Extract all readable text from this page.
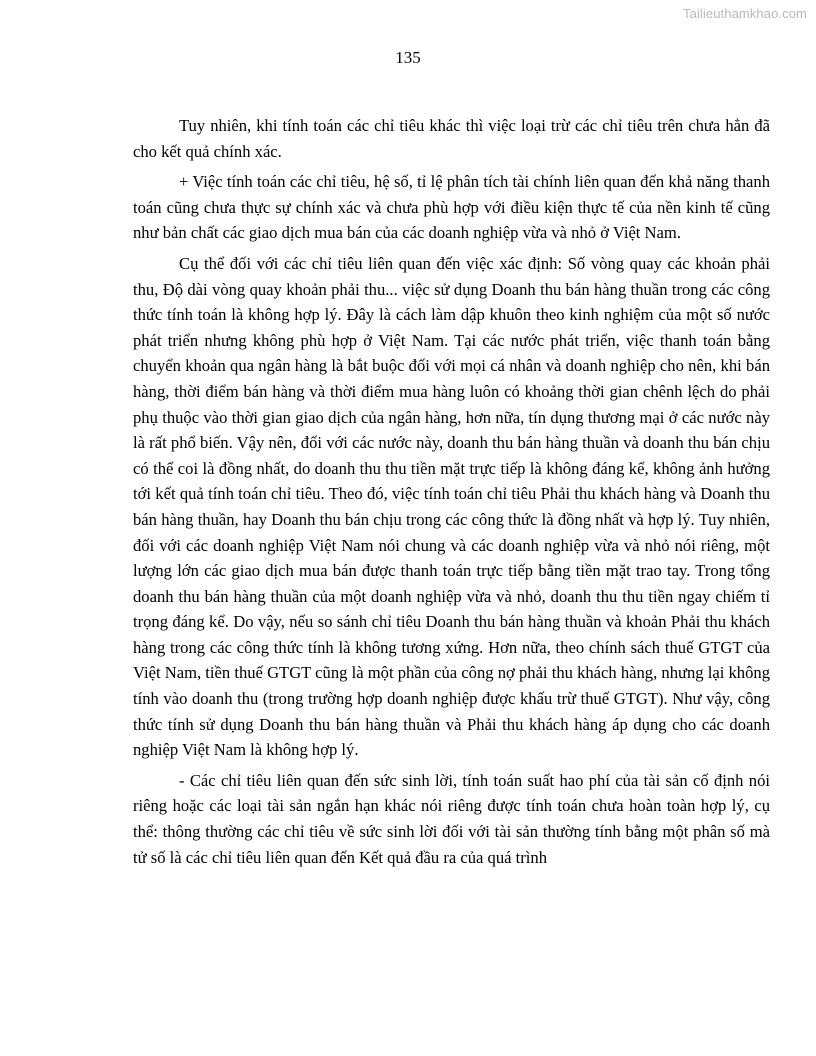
Tailieuthamkhao.com
135

Tuy nhiên, khi tính toán các chỉ tiêu khác thì việc loại trừ các chỉ tiêu trên chưa hẳn đã cho kết quả chính xác.

+ Việc tính toán các chỉ tiêu, hệ số, tỉ lệ phân tích tài chính liên quan đến khả năng thanh toán cũng chưa thực sự chính xác và chưa phù hợp với điều kiện thực tế của nền kinh tế cũng như bản chất các giao dịch mua bán của các doanh nghiệp vừa và nhỏ ở Việt Nam.

Cụ thể đối với các chỉ tiêu liên quan đến việc xác định: Số vòng quay các khoản phải thu, Độ dài vòng quay khoản phải thu... việc sử dụng Doanh thu bán hàng thuần trong các công thức tính toán là không hợp lý. Đây là cách làm dập khuôn theo kinh nghiệm của một số nước phát triển nhưng không phù hợp ở Việt Nam. Tại các nước phát triển, việc thanh toán bằng chuyển khoản qua ngân hàng là bắt buộc đối với mọi cá nhân và doanh nghiệp cho nên, khi bán hàng, thời điểm bán hàng và thời điểm mua hàng luôn có khoảng thời gian chênh lệch do phải phụ thuộc vào thời gian giao dịch của ngân hàng, hơn nữa, tín dụng thương mại ở các nước này là rất phổ biến. Vậy nên, đối với các nước này, doanh thu bán hàng thuần và doanh thu bán chịu có thể coi là đồng nhất, do doanh thu thu tiền mặt trực tiếp là không đáng kể, không ảnh hưởng tới kết quả tính toán chỉ tiêu. Theo đó, việc tính toán chỉ tiêu Phải thu khách hàng và Doanh thu bán hàng thuần, hay Doanh thu bán chịu trong các công thức là đồng nhất và hợp lý. Tuy nhiên, đối với các doanh nghiệp Việt Nam nói chung và các doanh nghiệp vừa và nhỏ nói riêng, một lượng lớn các giao dịch mua bán được thanh toán trực tiếp bằng tiền mặt trao tay. Trong tổng doanh thu bán hàng thuần của một doanh nghiệp vừa và nhỏ, doanh thu thu tiền ngay chiếm tỉ trọng đáng kể. Do vậy, nếu so sánh chỉ tiêu Doanh thu bán hàng thuần và khoản Phải thu khách hàng trong các công thức tính là không tương xứng. Hơn nữa, theo chính sách thuế GTGT của Việt Nam, tiền thuế GTGT cũng là một phần của công nợ phải thu khách hàng, nhưng lại không tính vào doanh thu (trong trường hợp doanh nghiệp được khấu trừ thuế GTGT). Như vậy, công thức tính sử dụng Doanh thu bán hàng thuần và Phải thu khách hàng áp dụng cho các doanh nghiệp Việt Nam là không hợp lý.

- Các chỉ tiêu liên quan đến sức sinh lời, tính toán suất hao phí của tài sản cố định nói riêng hoặc các loại tài sản ngắn hạn khác nói riêng được tính toán chưa hoàn toàn hợp lý, cụ thể: thông thường các chỉ tiêu về sức sinh lời đối với tài sản thường tính bằng một phân số mà tử số là các chỉ tiêu liên quan đến Kết quả đầu ra của quá trình
